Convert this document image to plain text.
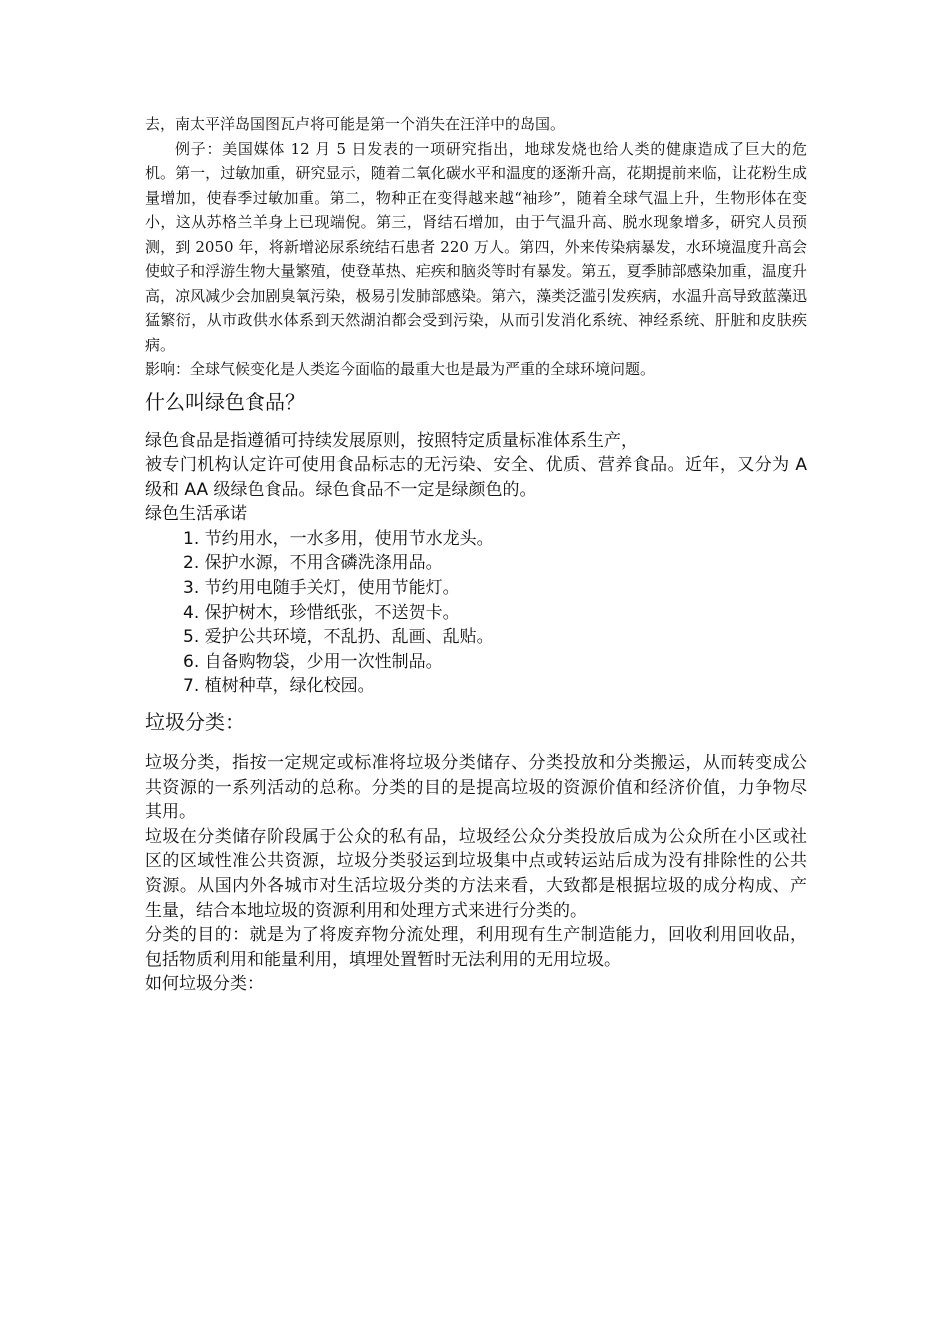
去，南太平洋岛国图瓦卢将可能是第一个消失在汪洋中的岛国。

例子：美国媒体 12 月 5 日发表的一项研究指出，地球发烧也给人类的健康造成了巨大的危机。第一，过敏加重，研究显示，随着二氧化碳水平和温度的逐渐升高，花期提前来临，让花粉生成量增加，使春季过敏加重。第二，物种正在变得越来越“袖珍”，随着全球气温上升，生物形体在变小，这从苏格兰羊身上已现端倪。第三，肾结石增加，由于气温升高、脱水现象增多，研究人员预测，到 2050 年，将新增泌尿系统结石患者 220 万人。第四，外来传染病暴发，水环境温度升高会使蚊子和浮游生物大量繁殖，使登革热、疟疾和脑炎等时有暴发。第五，夏季肺部感染加重，温度升高，凉风减少会加剧臭氧污染，极易引发肺部感染。第六，藻类泛滥引发疾病，水温升高导致蓝藻迅猛繁衍，从市政供水体系到天然湖泊都会受到污染，从而引发消化系统、神经系统、肝脏和皮肤疾病。

影响：全球气候变化是人类迄今面临的最重大也是最为严重的全球环境问题。

什么叫绿色食品？

绿色食品是指遵循可持续发展原则，按照特定质量标准体系生产，

被专门机构认定许可使用食品标志的无污染、安全、优质、营养食品。近年，又分为 A 级和 AA 级绿色食品。绿色食品不一定是绿颜色的。

绿色生活承诺

1. 节约用水，一水多用，使用节水龙头。
2. 保护水源，不用含磷洗涤用品。
3. 节约用电随手关灯，使用节能灯。
4. 保护树木，珍惜纸张，不送贺卡。
5. 爱护公共环境，不乱扔、乱画、乱贴。
6. 自备购物袋，少用一次性制品。
7. 植树种草，绿化校园。
垃圾分类：

垃圾分类，指按一定规定或标准将垃圾分类储存、分类投放和分类搬运，从而转变成公共资源的一系列活动的总称。分类的目的是提高垃圾的资源价值和经济价值，力争物尽其用。

垃圾在分类储存阶段属于公众的私有品，垃圾经公众分类投放后成为公众所在小区或社区的区域性准公共资源，垃圾分类驳运到垃圾集中点或转运站后成为没有排除性的公共资源。从国内外各城市对生活垃圾分类的方法来看，大致都是根据垃圾的成分构成、产生量，结合本地垃圾的资源利用和处理方式来进行分类的。

分类的目的：就是为了将废弃物分流处理，利用现有生产制造能力，回收利用回收品，包括物质利用和能量利用，填埋处置暂时无法利用的无用垃圾。

如何垃圾分类：
